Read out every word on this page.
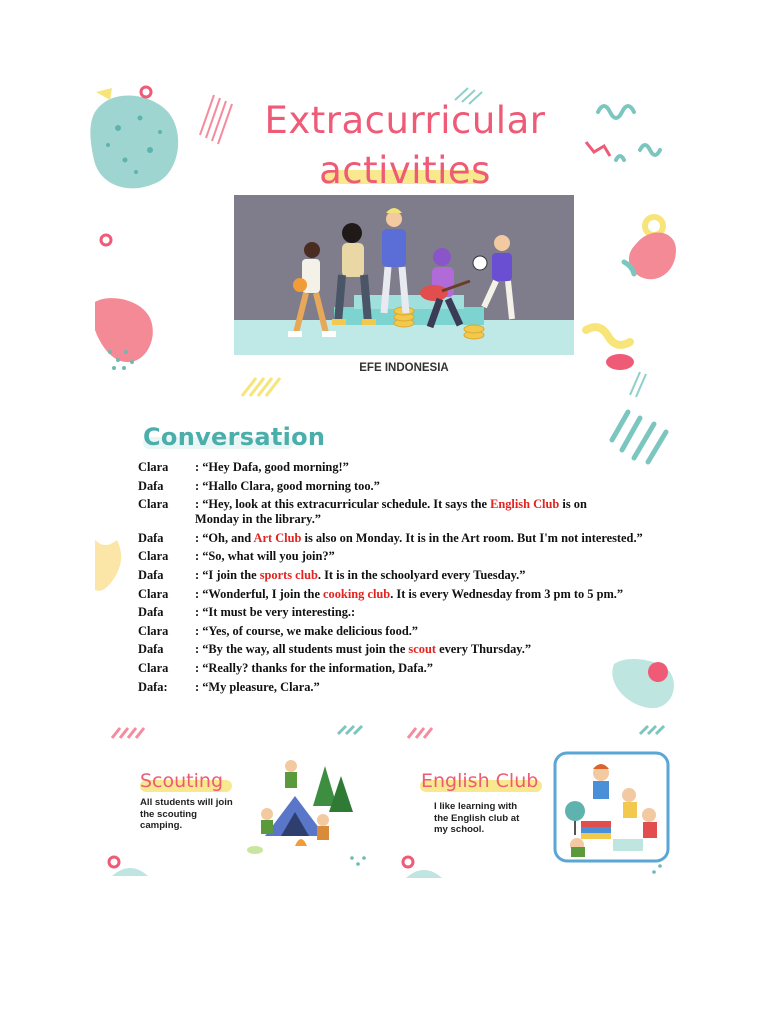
Extracurricular
activities
EFE INDONESIA
Conversation
Clara	: “Hey Dafa, good morning!”
Dafa	: “Hallo Clara, good morning too.”
Clara	: “Hey, look at this extracurricular schedule. It says the English Club is on
Monday in the library.”
Dafa	: “Oh, and Art Club is also on Monday. It is in the Art room. But I'm not interested.”
Clara	: “So, what will you join?”
Dafa	: “I join the sports club. It is in the schoolyard every Tuesday.”
Clara	: “Wonderful, I join the cooking club. It is every Wednesday from 3 pm to 5 pm.”
Dafa	: “It must be very interesting.:
Clara	: “Yes, of course, we make delicious food.”
Dafa	: “By the way, all students must join the scout every Thursday.”
Clara	: “Really? thanks for the information, Dafa.”
Dafa:	: “My pleasure, Clara.”
Scouting
All students will join
the scouting
camping.
English Club
I like learning with
the English club at
my school.
